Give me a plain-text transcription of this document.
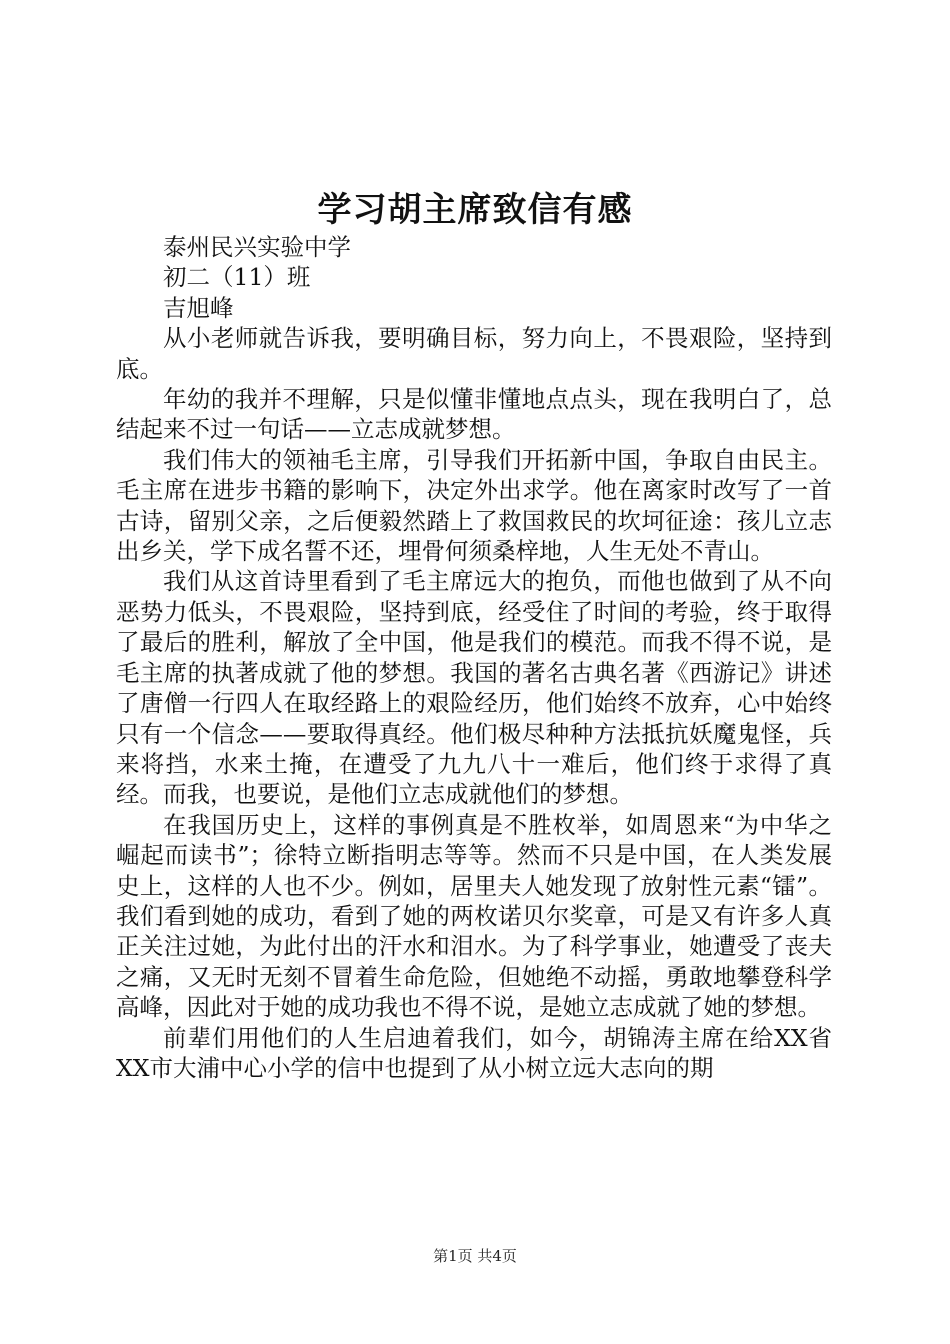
学习胡主席致信有感

泰州民兴实验中学

初二（11）班

吉旭峰

从小老师就告诉我，要明确目标，努力向上，不畏艰险，坚持到底。

年幼的我并不理解，只是似懂非懂地点点头，现在我明白了，总结起来不过一句话——立志成就梦想。

我们伟大的领袖毛主席，引导我们开拓新中国，争取自由民主。毛主席在进步书籍的影响下，决定外出求学。他在离家时改写了一首古诗，留别父亲，之后便毅然踏上了救国救民的坎坷征途：孩儿立志出乡关，学下成名誓不还，埋骨何须桑梓地，人生无处不青山。

我们从这首诗里看到了毛主席远大的抱负，而他也做到了从不向恶势力低头，不畏艰险，坚持到底，经受住了时间的考验，终于取得了最后的胜利，解放了全中国，他是我们的模范。而我不得不说，是毛主席的执著成就了他的梦想。我国的著名古典名著《西游记》讲述了唐僧一行四人在取经路上的艰险经历，他们始终不放弃，心中始终只有一个信念——要取得真经。他们极尽种种方法抵抗妖魔鬼怪，兵来将挡，水来土掩，在遭受了九九八十一难后，他们终于求得了真经。而我，也要说，是他们立志成就他们的梦想。

在我国历史上，这样的事例真是不胜枚举，如周恩来“为中华之崛起而读书”；徐特立断指明志等等。然而不只是中国，在人类发展史上，这样的人也不少。例如，居里夫人她发现了放射性元素“镭”。我们看到她的成功，看到了她的两枚诺贝尔奖章，可是又有许多人真正关注过她，为此付出的汗水和泪水。为了科学事业，她遭受了丧夫之痛，又无时无刻不冒着生命危险，但她绝不动摇，勇敢地攀登科学高峰，因此对于她的成功我也不得不说，是她立志成就了她的梦想。

前辈们用他们的人生启迪着我们，如今，胡锦涛主席在给XX省XX市大浦中心小学的信中也提到了从小树立远大志向的期

第1页 共4页
